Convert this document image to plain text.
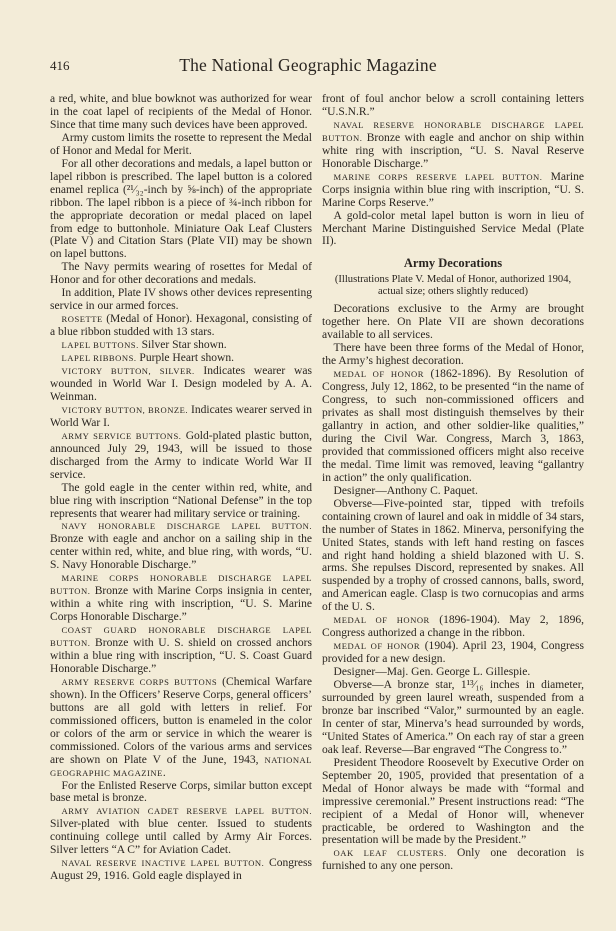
416	The National Geographic Magazine

a red, white, and blue bowknot was authorized for wear in the coat lapel of recipients of the Medal of Honor. Since that time many such devices have been approved.

Army custom limits the rosette to represent the Medal of Honor and Medal for Merit.

For all other decorations and medals, a lapel button or lapel ribbon is prescribed. The lapel button is a colored enamel replica (²¹⁄₃₂-inch by ⅝-inch) of the appropriate ribbon. The lapel ribbon is a piece of ¾-inch ribbon for the appropriate decoration or medal placed on lapel from edge to buttonhole. Miniature Oak Leaf Clusters (Plate V) and Citation Stars (Plate VII) may be shown on lapel buttons.

The Navy permits wearing of rosettes for Medal of Honor and for other decorations and medals.

In addition, Plate IV shows other devices representing service in our armed forces.

ROSETTE (Medal of Honor). Hexagonal, consisting of a blue ribbon studded with 13 stars.

LAPEL BUTTONS. Silver Star shown.

LAPEL RIBBONS. Purple Heart shown.

VICTORY BUTTON, SILVER. Indicates wearer was wounded in World War I. Design modeled by A. A. Weinman.

VICTORY BUTTON, BRONZE. Indicates wearer served in World War I.

ARMY SERVICE BUTTONS. Gold-plated plastic button, announced July 29, 1943, will be issued to those discharged from the Army to indicate World War II service.

The gold eagle in the center within red, white, and blue ring with inscription “National Defense” in the top represents that wearer had military service or training.

NAVY HONORABLE DISCHARGE LAPEL BUTTON. Bronze with eagle and anchor on a sailing ship in the center within red, white, and blue ring, with words, “U. S. Navy Honorable Discharge.”

MARINE CORPS HONORABLE DISCHARGE LAPEL BUTTON. Bronze with Marine Corps insignia in center, within a white ring with inscription, “U. S. Marine Corps Honorable Discharge.”

COAST GUARD HONORABLE DISCHARGE LAPEL BUTTON. Bronze with U. S. shield on crossed anchors within a blue ring with inscription, “U. S. Coast Guard Honorable Discharge.”

ARMY RESERVE CORPS BUTTONS (Chemical Warfare shown). In the Officers’ Reserve Corps, general officers’ buttons are all gold with letters in relief. For commissioned officers, button is enameled in the color or colors of the arm or service in which the wearer is commissioned. Colors of the various arms and services are shown on Plate V of the June, 1943, NATIONAL GEOGRAPHIC MAGAZINE.

For the Enlisted Reserve Corps, similar button except base metal is bronze.

ARMY AVIATION CADET RESERVE LAPEL BUTTON. Silver-plated with blue center. Issued to students continuing college until called by Army Air Forces. Silver letters “A C” for Aviation Cadet.

NAVAL RESERVE INACTIVE LAPEL BUTTON. Congress August 29, 1916. Gold eagle displayed in

front of foul anchor below a scroll containing letters “U.S.N.R.”

NAVAL RESERVE HONORABLE DISCHARGE LAPEL BUTTON. Bronze with eagle and anchor on ship within white ring with inscription, “U. S. Naval Reserve Honorable Discharge.”

MARINE CORPS RESERVE LAPEL BUTTON. Marine Corps insignia within blue ring with inscription, “U. S. Marine Corps Reserve.”

A gold-color metal lapel button is worn in lieu of Merchant Marine Distinguished Service Medal (Plate II).

Army Decorations
(Illustrations Plate V. Medal of Honor, authorized 1904, actual size; others slightly reduced)

Decorations exclusive to the Army are brought together here. On Plate VII are shown decorations available to all services.

There have been three forms of the Medal of Honor, the Army’s highest decoration.

MEDAL OF HONOR (1862-1896). By Resolution of Congress, July 12, 1862, to be presented “in the name of Congress, to such non-commissioned officers and privates as shall most distinguish themselves by their gallantry in action, and other soldier-like qualities,” during the Civil War. Congress, March 3, 1863, provided that commissioned officers might also receive the medal. Time limit was removed, leaving “gallantry in action” the only qualification.

Designer—Anthony C. Paquet.

Obverse—Five-pointed star, tipped with trefoils containing crown of laurel and oak in middle of 34 stars, the number of States in 1862. Minerva, personifying the United States, stands with left hand resting on fasces and right hand holding a shield blazoned with U. S. arms. She repulses Discord, represented by snakes. All suspended by a trophy of crossed cannons, balls, sword, and American eagle. Clasp is two cornucopias and arms of the U. S.

MEDAL OF HONOR (1896-1904). May 2, 1896, Congress authorized a change in the ribbon.

MEDAL OF HONOR (1904). April 23, 1904, Congress provided for a new design.

Designer—Maj. Gen. George L. Gillespie.

Obverse—A bronze star, 1¹³⁄₁₆ inches in diameter, surrounded by green laurel wreath, suspended from a bronze bar inscribed “Valor,” surmounted by an eagle. In center of star, Minerva’s head surrounded by words, “United States of America.” On each ray of star a green oak leaf. Reverse—Bar engraved “The Congress to.”

President Theodore Roosevelt by Executive Order on September 20, 1905, provided that presentation of a Medal of Honor always be made with “formal and impressive ceremonial.” Present instructions read: “The recipient of a Medal of Honor will, whenever practicable, be ordered to Washington and the presentation will be made by the President.”

OAK LEAF CLUSTERS. Only one decoration is furnished to any one person.
